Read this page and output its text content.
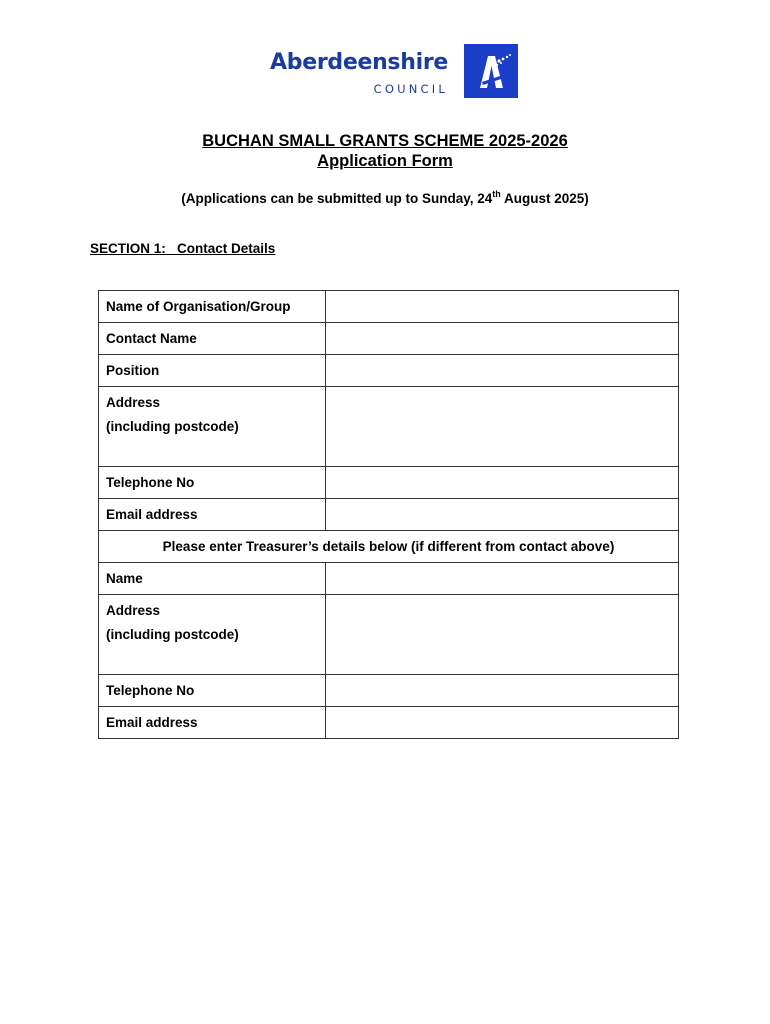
Aberdeenshire
COUNCIL
BUCHAN SMALL GRANTS SCHEME 2025-2026
Application Form
(Applications can be submitted up to Sunday, 24th August 2025)
SECTION 1:   Contact Details
Name of Organisation/Group	
Contact Name	
Position	

Address
(including postcode)	

Telephone No	
Email address	
Please enter Treasurer’s details below (if different from contact above)	
Name	

Address
(including postcode)	

Telephone No	
Email address	
